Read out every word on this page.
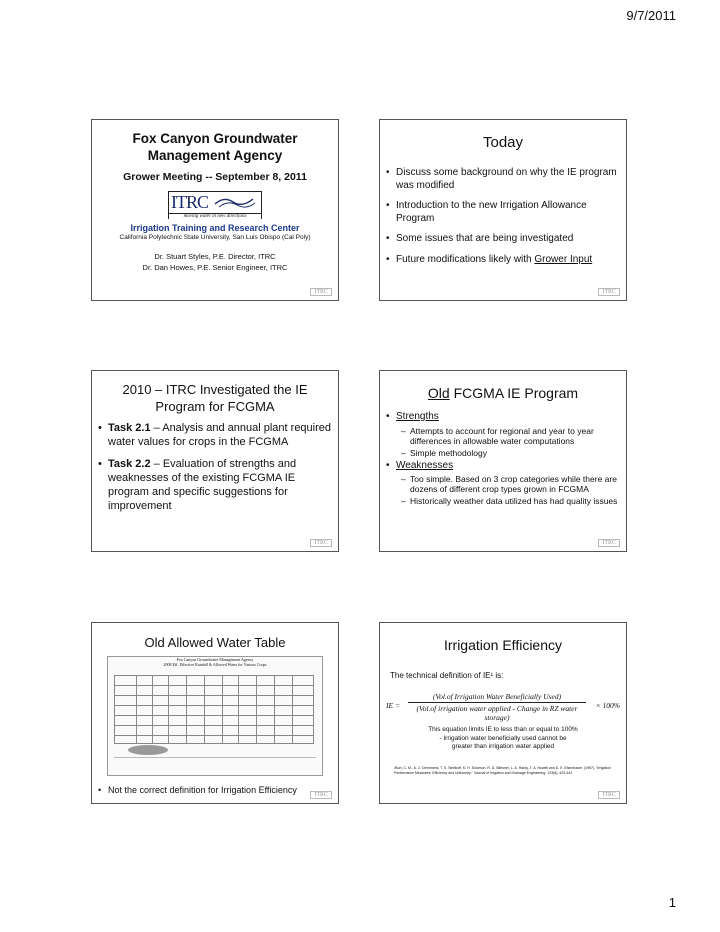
9/7/2011
Fox Canyon Groundwater Management Agency
Grower Meeting -- September 8, 2011
ITRC
moving water in new directions
Irrigation Training and Research Center
California Polytechnic State University, San Luis Obispo (Cal Poly)
Dr. Stuart Styles, P.E. Director, ITRC
Dr. Dan Howes, P.E. Senior Engineer, ITRC
ITRC
Today
• Discuss some background on why the IE program was modified
• Introduction to the new Irrigation Allowance Program
• Some issues that are being investigated
• Future modifications likely with Grower Input
ITRC
2010 – ITRC Investigated the IE Program for FCGMA
• Task 2.1 – Analysis and annual plant required water values for crops in the FCGMA
• Task 2.2 – Evaluation of strengths and weaknesses of the existing FCGMA IE program and specific suggestions for improvement
ITRC
Old FCGMA IE Program
• Strengths
– Attempts to account for regional and year to year differences in allowable water computations
– Simple methodology
• Weaknesses
– Too simple. Based on 3 crop categories while there are dozens of different crop types grown in FCGMA
– Historically weather data utilized has had quality issues
ITRC
Old Allowed Water Table
Fox Canyon Groundwater Management Agency
2008 Eff. Effective Rainfall & Allowed Water for Various Crops
• Not the correct definition for Irrigation Efficiency	ITRC
Irrigation Efficiency
The technical definition of IE¹ is:
IE =
(Vol.of Irrigation Water Beneficially Used)
(Vol.of irrigation water applied - Change in RZ water storage)
× 100%
This equation limits IE to less than or equal to 100%
- Irrigation water beneficially used cannot be
greater than irrigation water applied
¹Burt, C. M., A. J. Clemmens, T. S. Strelkoff, K. H. Solomon, R. D. Bliesner, L. A. Hardy, T. A. Howell and D. E. Eisenhauer. (1997). "Irrigation Performance Measures: Efficiency and Uniformity." Journal of Irrigation and Drainage Engineering. 123(6), 423-442.
ITRC
1
